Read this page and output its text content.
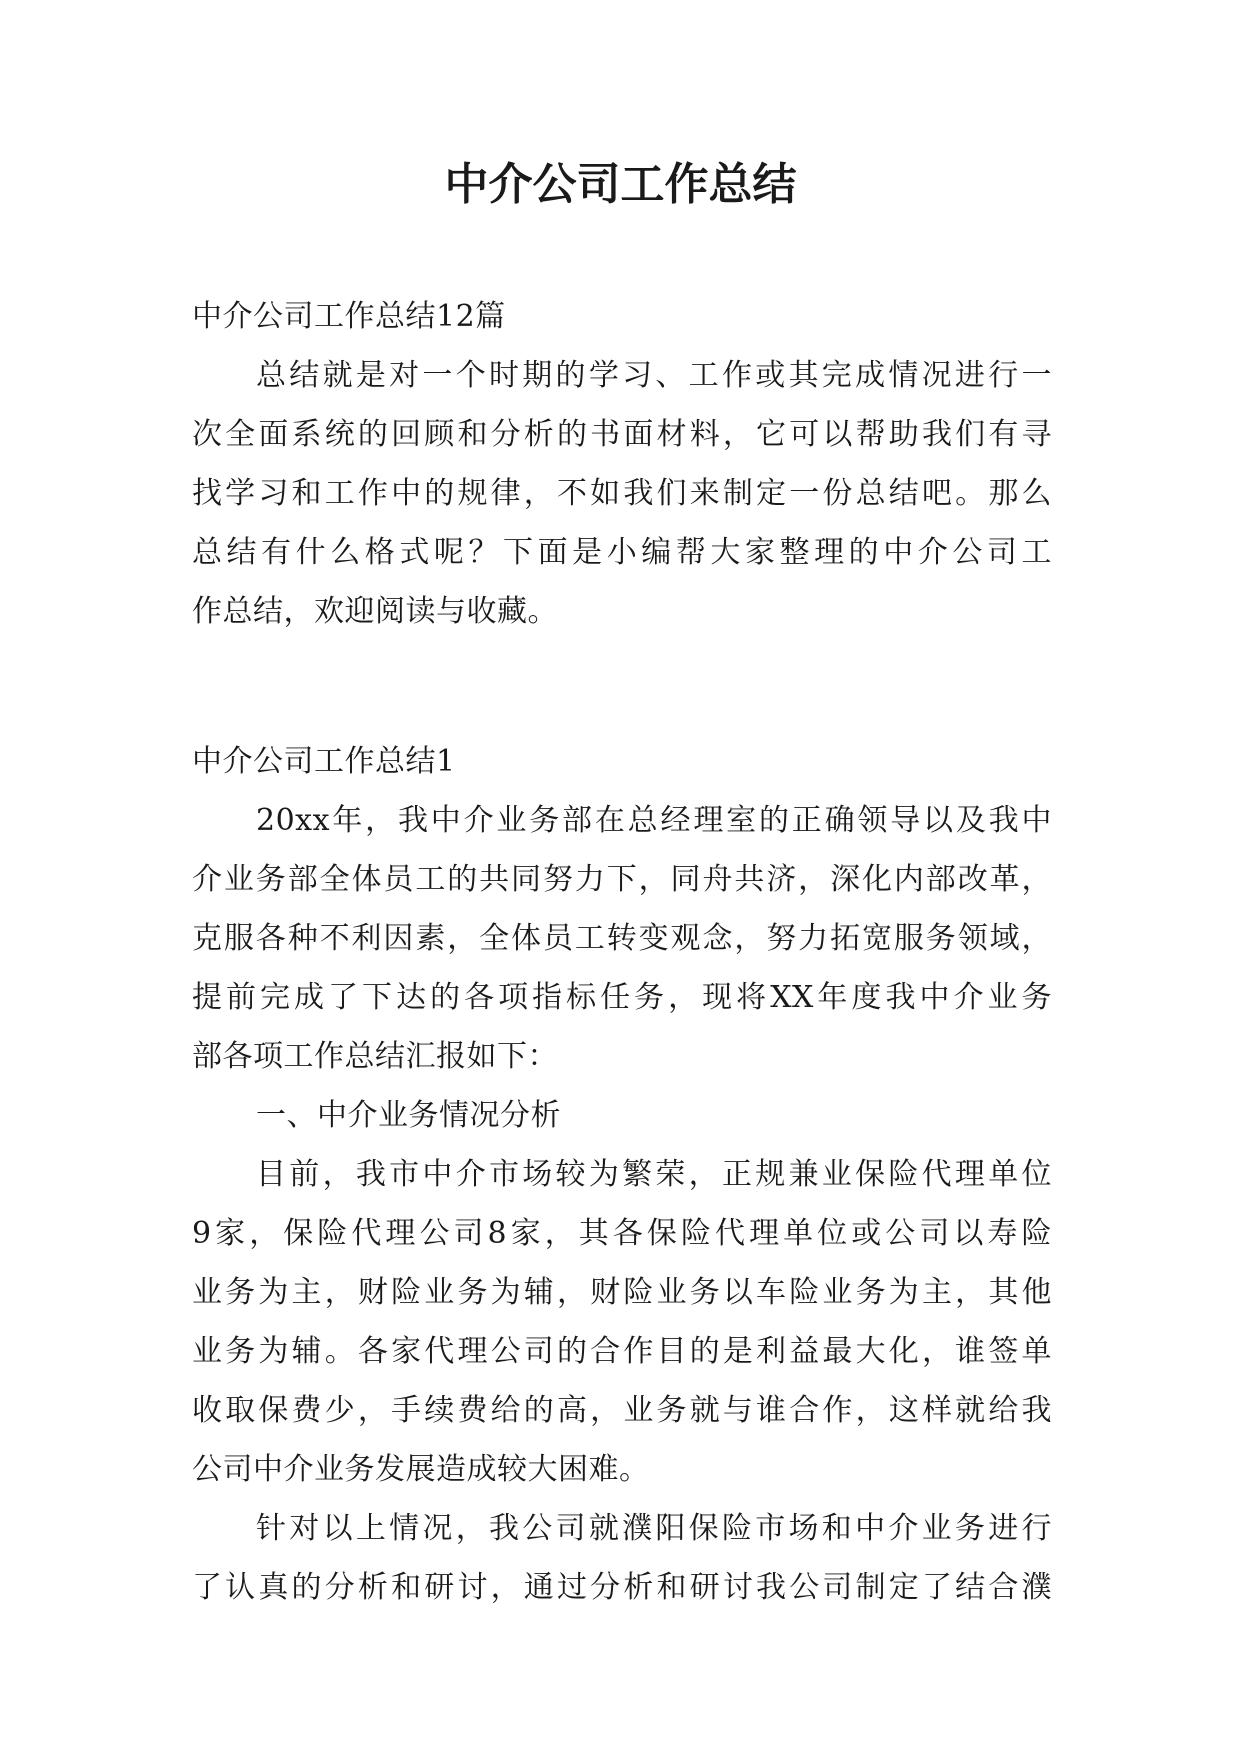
中介公司工作总结

中介公司工作总结12篇

总结就是对一个时期的学习、工作或其完成情况进行一

次全面系统的回顾和分析的书面材料，它可以帮助我们有寻

找学习和工作中的规律，不如我们来制定一份总结吧。那么

总结有什么格式呢？下面是小编帮大家整理的中介公司工

作总结，欢迎阅读与收藏。

中介公司工作总结1

20xx年，我中介业务部在总经理室的正确领导以及我中

介业务部全体员工的共同努力下，同舟共济，深化内部改革，

克服各种不利因素，全体员工转变观念，努力拓宽服务领域，

提前完成了下达的各项指标任务，现将XX年度我中介业务

部各项工作总结汇报如下：

一、中介业务情况分析

目前，我市中介市场较为繁荣，正规兼业保险代理单位

9家，保险代理公司8家，其各保险代理单位或公司以寿险

业务为主，财险业务为辅，财险业务以车险业务为主，其他

业务为辅。各家代理公司的合作目的是利益最大化，谁签单

收取保费少，手续费给的高，业务就与谁合作，这样就给我

公司中介业务发展造成较大困难。

针对以上情况，我公司就濮阳保险市场和中介业务进行

了认真的分析和研讨，通过分析和研讨我公司制定了结合濮
